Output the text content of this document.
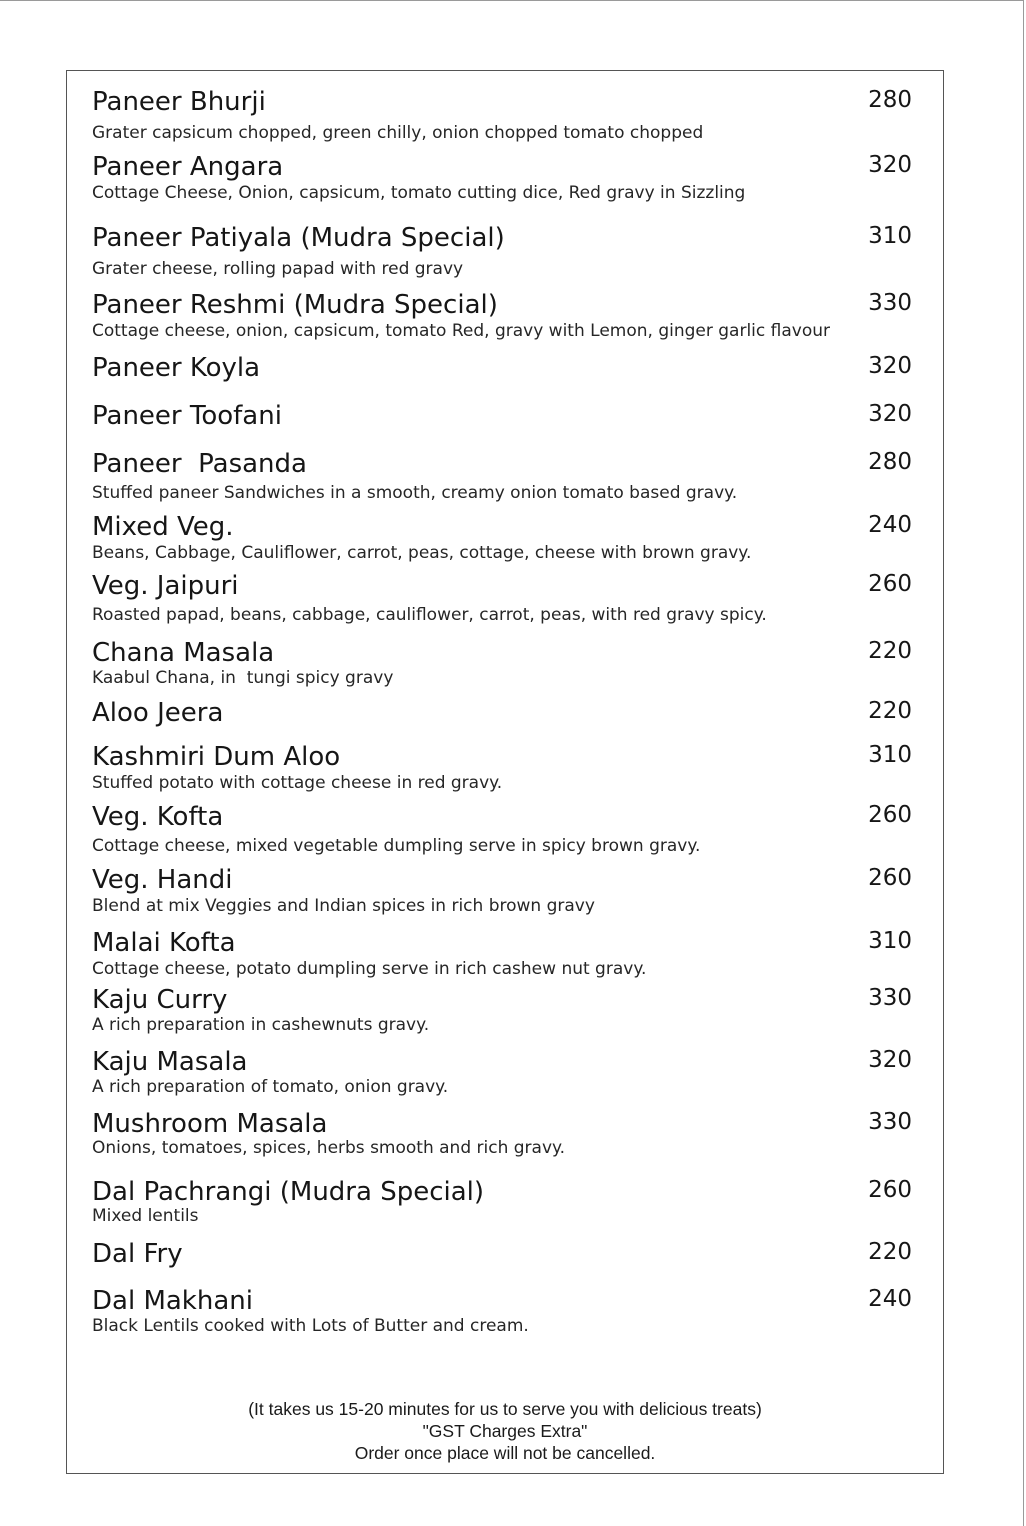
Paneer Bhurji
Grater capsicum chopped, green chilly, onion chopped tomato chopped
280
Paneer Angara
Cottage Cheese, Onion, capsicum, tomato cutting dice, Red gravy in Sizzling
320
Paneer Patiyala (Mudra Special)
Grater cheese, rolling papad with red gravy
310
Paneer Reshmi (Mudra Special)
Cottage cheese, onion, capsicum, tomato Red, gravy with Lemon, ginger garlic flavour
330
Paneer Koyla	320
Paneer Toofani	320
Paneer  Pasanda
Stuffed paneer Sandwiches in a smooth, creamy onion tomato based gravy.
280
Mixed Veg.
Beans, Cabbage, Cauliflower, carrot, peas, cottage, cheese with brown gravy.
240
Veg. Jaipuri
Roasted papad, beans, cabbage, cauliflower, carrot, peas, with red gravy spicy.
260
Chana Masala
Kaabul Chana, in  tungi spicy gravy
220
Aloo Jeera	220
Kashmiri Dum Aloo
Stuffed potato with cottage cheese in red gravy.
310
Veg. Kofta
Cottage cheese, mixed vegetable dumpling serve in spicy brown gravy.
260
Veg. Handi
Blend at mix Veggies and Indian spices in rich brown gravy
260
Malai Kofta
Cottage cheese, potato dumpling serve in rich cashew nut gravy.
310
Kaju Curry
A rich preparation in cashewnuts gravy.
330
Kaju Masala
A rich preparation of tomato, onion gravy.
320
Mushroom Masala
Onions, tomatoes, spices, herbs smooth and rich gravy.
330
Dal Pachrangi (Mudra Special)
Mixed lentils
260
Dal Fry	220
Dal Makhani
Black Lentils cooked with Lots of Butter and cream.
240
(It takes us 15-20 minutes for us to serve you with delicious treats)
"GST Charges Extra"
Order once place will not be cancelled.
